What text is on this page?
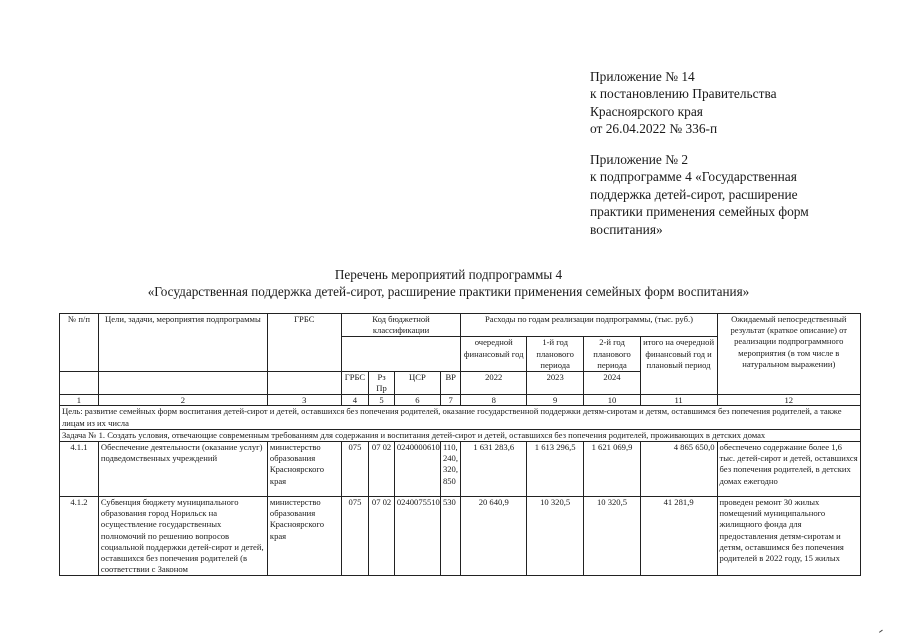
Приложение № 14
к постановлению Правительства
Красноярского края
от 26.04.2022 № 336-п
Приложение № 2
к подпрограмме 4 «Государственная
поддержка детей-сирот, расширение
практики применения семейных форм
воспитания»
Перечень мероприятий подпрограммы 4
«Государственная поддержка детей-сирот, расширение практики применения семейных форм воспитания»
№ п/п	Цели, задачи, мероприятия подпрограммы	ГРБС	Код бюджетной классификации				Расходы по годам реализации подпрограммы, (тыс. руб.)				Ожидаемый непосредственный результат (краткое описание) от реализации подпрограммного мероприятия (в том числе в натуральном выражении)
							очередной финансовый год	1-й год планового периода	2-й год планового периода	итого на очередной финансовый год и плановый период	
			ГРБС	Рз Пр	ЦСР	ВР	2022	2023	2024		
1	2	3	4	5	6	7	8	9	10	11	12
Цель: развитие семейных форм воспитания детей-сирот и детей, оставшихся без попечения родителей, оказание государственной поддержки детям-сиротам и детям, оставшимся без попечения родителей, а также лицам из их числа											
Задача № 1. Создать условия, отвечающие современным требованиям для содержания и воспитания детей-сирот и детей, оставшихся без попечения родителей, проживающих в детских домах											
4.1.1	Обеспечение деятельности (оказание услуг) подведомственных учреждений	министерство образования Красноярского края	075	07 02	0240000610	110, 240, 320, 850	1 631 283,6	1 613 296,5	1 621 069,9	4 865 650,0	обеспечено содержание более 1,6 тыс. детей-сирот и детей, оставшихся без попечения родителей, в детских домах ежегодно
4.1.2	Субвенция бюджету муниципального образования город Норильск на осуществление государственных полномочий по решению вопросов социальной поддержки детей-сирот и детей, оставшихся без попечения родителей (в соответствии с Законом	министерство образования Красноярского края	075	07 02	0240075510	530	20 640,9	10 320,5	10 320,5	41 281,9	проведен ремонт 30 жилых помещений муниципального жилищного фонда для предоставления детям-сиротам и детям, оставшимся без попечения родителей в 2022 году, 15 жилых
